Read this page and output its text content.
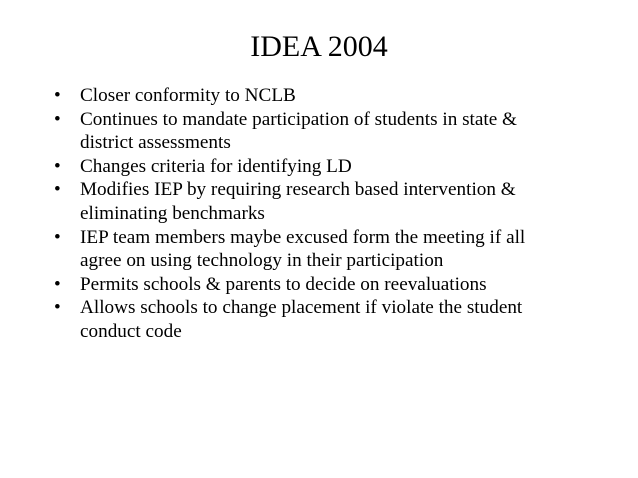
IDEA 2004
• Closer conformity to NCLB
• Continues to mandate participation of students in state &
district assessments
• Changes criteria for identifying LD
• Modifies IEP by requiring research based intervention &
eliminating benchmarks
• IEP team members maybe excused form the meeting if all
agree on using technology in their participation
• Permits schools & parents to decide on reevaluations
• Allows schools to change placement if violate the student
conduct code
